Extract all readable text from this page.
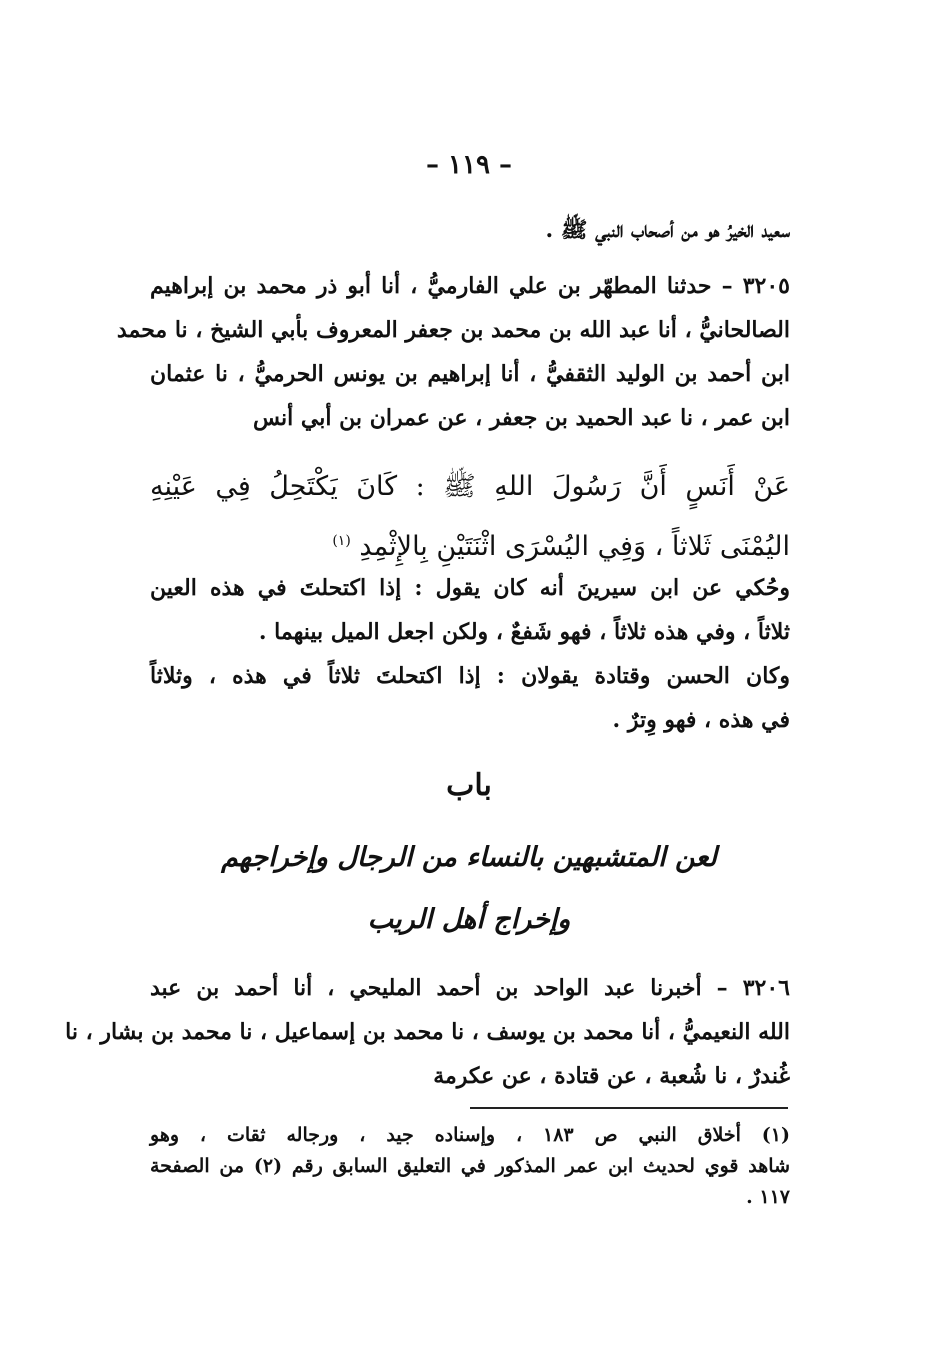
– ١١٩ –
سعيد الخيرُ هو من أصحاب النبي ﷺ .
٣٢٠٥ – حدثنا المطهّر بن علي الفارميُّ ، أنا أبو ذر محمد بن إبراهيم
الصالحانيُّ ، أنا عبد الله بن محمد بن جعفر المعروف بأبي الشيخ ، نا محمد
ابن أحمد بن الوليد الثقفيُّ ، أنا إبراهيم بن يونس الحرميُّ ، نا عثمان
ابن عمر ، نا عبد الحميد بن جعفر ، عن عمران بن أبي أنس
عَنْ أَنَسٍ أَنَّ رَسُولَ اللهِ ﷺ : كَانَ يَكْتَحِلُ فِي عَيْنِهِ
اليُمْنَى ثَلاثاً ، وَفِي اليُسْرَى اثْنَتَيْنِ بِالإِثْمِدِ $^{(١)}$
وحُكي عن ابن سيرينَ أنه كان يقول : إذا اكتحلتَ في هذه العين
ثلاثاً ، وفي هذه ثلاثاً ، فهو شَفعٌ ، ولكن اجعل الميل بينهما .
وكان الحسن وقتادة يقولان : إذا اكتحلتَ ثلاثاً في هذه ، وثلاثاً
في هذه ، فهو وِترٌ .
باب
لعن المتشبهين بالنساء من الرجال وإخراجهم
وإخراج أهل الريب
٣٢٠٦ – أخبرنا عبد الواحد بن أحمد المليحي ، أنا أحمد بن عبد
الله النعيميُّ ، أنا محمد بن يوسف ، نا محمد بن إسماعيل ، نا محمد بن بشار ، نا
غُندرٌ ، نا شُعبة ، عن قتادة ، عن عكرمة
(١) أخلاق النبي ص ١٨٣ ، وإسناده جيد ، ورجاله ثقات ، وهو
شاهد قوي لحديث ابن عمر المذكور في التعليق السابق رقم (٢) من الصفحة
١١٧ .
